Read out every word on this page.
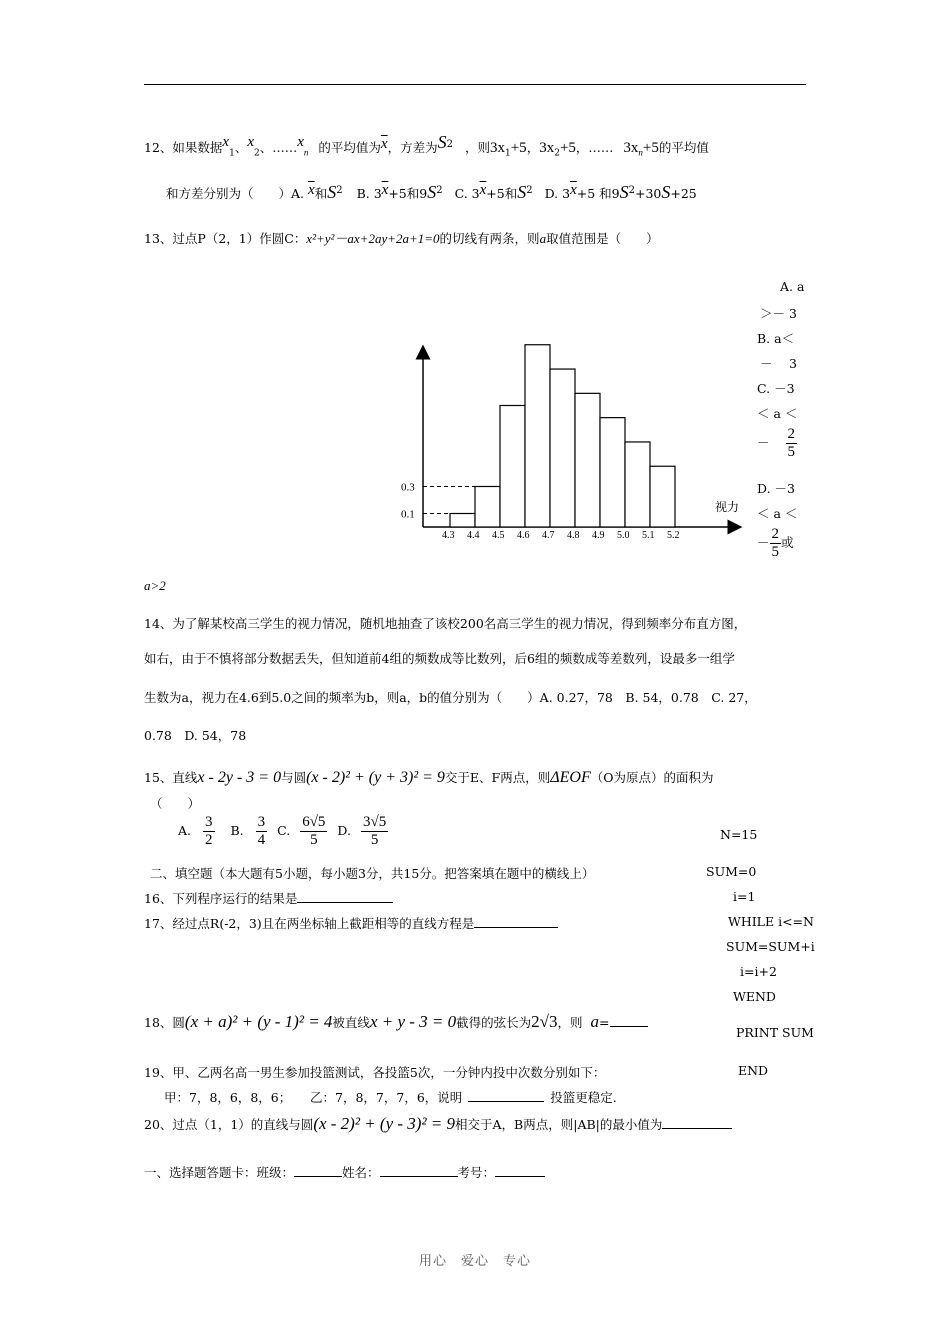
12、如果数据$x_1$、$x_2$、$\dots\dots x_n$ 的平均值为$\overline{x}$，方差为$S^2$ ，则$3x_1+5$，$3x_2+5$，…… $3x_n+5$的平均值
和方差分别为（　　）A. $\overline{x}$和$S^2$ B. $3\overline{x}+5$和$9S^2$ C. $3\overline{x}+5$和$S^2$ D. $3\overline{x}+5$ 和$9S^2+30S+25$
13、过点P（2，1）作圆C：x²+y²－ax+2ay+2a+1=0的切线有两条，则a取值范围是（　　）
A. a
＞－ 3
B. a＜
－　 3
C. －3
＜ a ＜
－ $\frac{2}{5}$
D. －3
＜ a ＜
－ $\frac{2}{5}$ 或
a>2
4.3 4.4 4.5 4.6 4.7 4.8 4.9 5.0 5.1 5.2
0.1
0.3
视力
14、为了解某校高三学生的视力情况，随机地抽查了该校200名高三学生的视力情况，得到频率分布直方图，
如右，由于不慎将部分数据丢失，但知道前4组的频数成等比数列，后6组的频数成等差数列，设最多一组学
生数为a，视力在4.6到5.0之间的频率为b，则a，b的值分别为（　　）A. 0.27，78　B. 54，0.78　C. 27，
0.78　D. 54，78
15、直线x - 2y - 3 = 0与圆(x - 2)² + (y + 3)² = 9交于E、F两点，则ΔEOF（O为原点）的面积为
（　　）
A. $\frac{3}{2} B$. $\frac{3}{4} C$. $\frac{6√5}{5} D$. $\frac{3√5}{5}$
二、填空题（本大题有5小题，每小题3分，共15分。把答案填在题中的横线上）
16、下列程序运行的结果是
17、经过点R(-2，3)且在两坐标轴上截距相等的直线方程是
18、圆(x + a)² + (y - 1)² = 4被直线x + y - 3 = 0截得的弦长为2√3，则 a=
19、甲、乙两名高一男生参加投篮测试，各投篮5次，一分钟内投中次数分别如下：
甲：7，8，6，8，6；　　乙：7，8，7，7，6，说明	投篮更稳定.
20、过点（1，1）的直线与圆(x - 2)² + (y - 3)² = 9相交于A，B两点，则|AB|的最小值为
一、选择题答题卡：班级：	姓名：	考号：
N=15
SUM=0
i=1
WHILE i<=N
SUM=SUM+i
i=i+2
WEND
PRINT SUM
END
用心　爱心　专心
